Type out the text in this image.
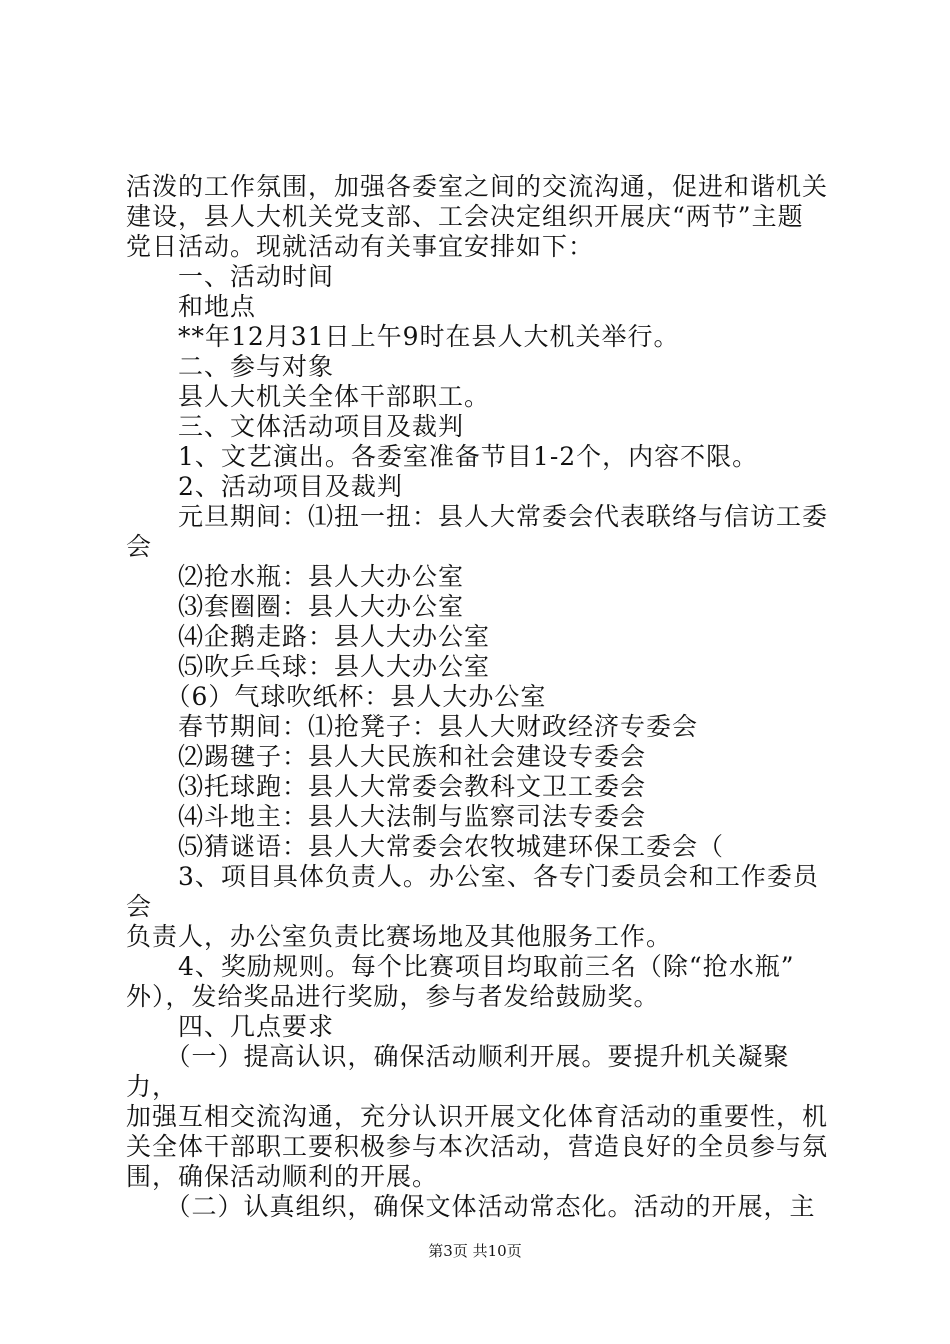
活泼的工作氛围，加强各委室之间的交流沟通，促进和谐机关

建设，县人大机关党支部、工会决定组织开展庆“两节”主题

党日活动。现就活动有关事宜安排如下：

　　一、活动时间

　　和地点

　　**年12月31日上午9时在县人大机关举行。

　　二、参与对象

　　县人大机关全体干部职工。

　　三、文体活动项目及裁判

　　1、文艺演出。各委室准备节目1-2个，内容不限。

　　2、活动项目及裁判

　　元旦期间：⑴扭一扭：县人大常委会代表联络与信访工委

会

　　⑵抢水瓶：县人大办公室

　　⑶套圈圈：县人大办公室

　　⑷企鹅走路：县人大办公室

　　⑸吹乒乓球：县人大办公室

　　（6）气球吹纸杯：县人大办公室

　　春节期间：⑴抢凳子：县人大财政经济专委会

　　⑵踢毽子：县人大民族和社会建设专委会

　　⑶托球跑：县人大常委会教科文卫工委会

　　⑷斗地主：县人大法制与监察司法专委会

　　⑸猜谜语：县人大常委会农牧城建环保工委会（

　　3、项目具体负责人。办公室、各专门委员会和工作委员会

负责人，办公室负责比赛场地及其他服务工作。

　　4、奖励规则。每个比赛项目均取前三名（除“抢水瓶”

外），发给奖品进行奖励，参与者发给鼓励奖。

　　四、几点要求

　　（一）提高认识，确保活动顺利开展。要提升机关凝聚力，

加强互相交流沟通，充分认识开展文化体育活动的重要性，机

关全体干部职工要积极参与本次活动，营造良好的全员参与氛

围，确保活动顺利的开展。

　　（二）认真组织，确保文体活动常态化。活动的开展，主

第3页 共10页
